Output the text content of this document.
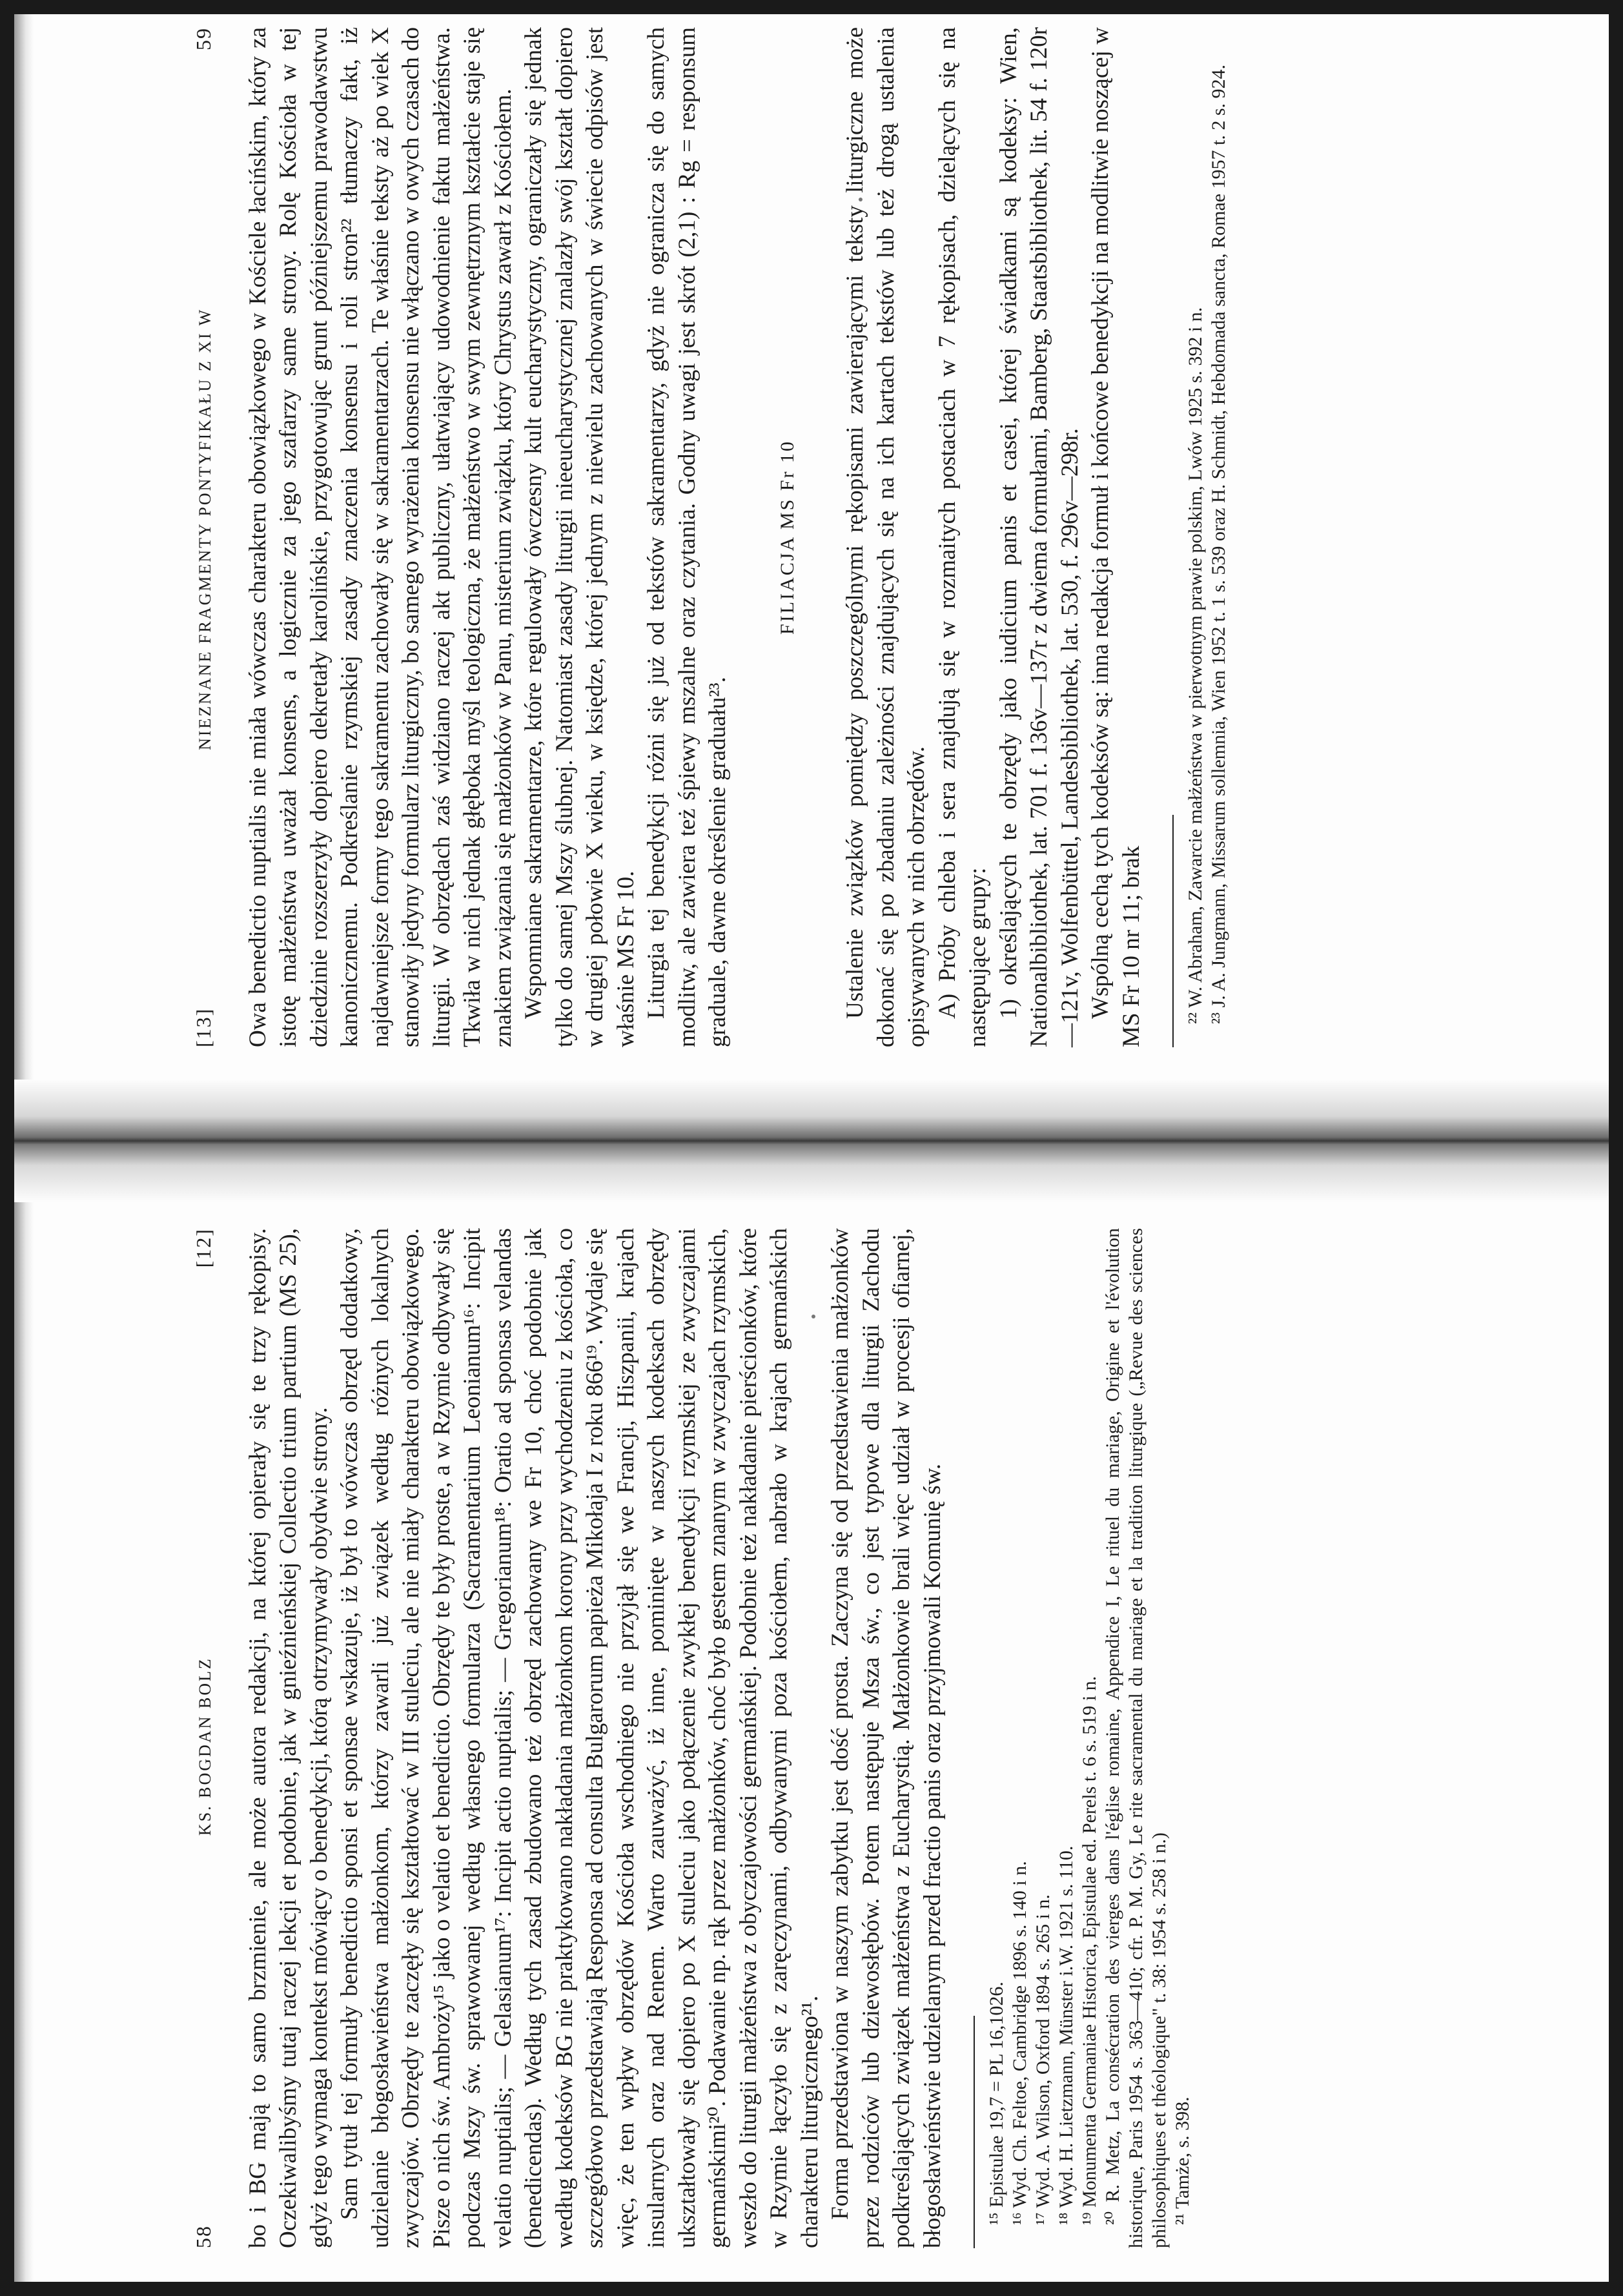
[13]
NIEZNANE FRAGMENTY PONTYFIKAŁU Z XI W
59 Owa benedictio nuptialis nie miała wówczas charakteru obowiązkowego w Kościele łacińskim, który za istotę małżeństwa uważał konsens, a logicznie za jego szafarzy same strony. Rolę Kościoła w tej dziedzinie rozszerzyły dopiero dekretały karolińskie, przygotowując grunt późniejszemu prawodawstwu kanonicznemu. Podkreślanie rzymskiej zasady znaczenia konsensu i roli stron²² tłumaczy fakt, iż najdawniejsze formy tego sakramentu zachowały się w sakramentarzach. Te właśnie teksty aż po wiek X stanowiły jedyny formularz liturgiczny, bo samego wyrażenia konsensu nie włączano w owych czasach do liturgii. W obrzędach zaś widziano raczej akt publiczny, ułatwiający udowodnienie faktu małżeństwa. Tkwiła w nich jednak głęboka myśl teologiczna, że małżeństwo w swym zewnętrznym kształcie staje się znakiem związania się małżonków w Panu, misterium związku, który Chrystus zawarł z Kościołem. Wspomniane sakramentarze, które regulowały ówczesny kult eucharystyczny, ograniczały się jednak tylko do samej Mszy ślubnej. Natomiast zasady liturgii nieeucharystycznej znalazły swój kształt dopiero w drugiej połowie X wieku, w księdze, której jednym z niewielu zachowanych w świecie odpisów jest właśnie MS Fr 10. Liturgia tej benedykcji różni się już od tekstów sakramentarzy, gdyż nie ogranicza się do samych modlitw, ale zawiera też śpiewy mszalne oraz czytania. Godny uwagi jest skrót (2,1) : Rg = responsum graduale, dawne określenie graduału²³.

FILIACJA MS Fr 10 Ustalenie związków pomiędzy poszczególnymi rękopisami zawierającymi teksty liturgiczne może dokonać się po zbadaniu zależności znajdujących się na ich kartach tekstów lub też drogą ustalenia opisywanych w nich obrzędów. A) Próby chleba i sera znajdują się w rozmaitych postaciach w 7 rękopisach, dzielących się na następujące grupy: 1) określających te obrzędy jako iudicium panis et casei, której świadkami są kodeksy: Wien, Nationalbibliothek, lat. 701 f. 136v—137r z dwiema formułami, Bamberg, Staatsbibliothek, lit. 54 f. 120r—121v, Wolfenbüttel, Landesbibliothek, lat. 530, f. 296v—298r. Wspólną cechą tych kodeksów są: inna redakcja formuł i końcowe benedykcji na modlitwie noszącej w MS Fr 10 nr 11; brak ²² W. Abraham, Zawarcie małżeństwa w pierwotnym prawie polskim, Lwów 1925 s. 392 i n. ²³ J. A. Jungmann, Missarum sollemnia, Wien 1952 t. 1 s. 539 oraz H. Schmidt, Hebdomada sancta, Romae 1957 t. 2 s. 924.

58
KS. BOGDAN BOLZ
[12] bo i BG mają to samo brzmienie, ale może autora redakcji, na której opierały się te trzy rękopisy. Oczekiwalibyśmy tutaj raczej lekcji et podobnie, jak w gnieźnieńskiej Collectio trium partium (MS 25), gdyż tego wymaga kontekst mówiący o benedykcji, którą otrzymywały obydwie strony. Sam tytuł tej formuły benedictio sponsi et sponsae wskazuje, iż był to wówczas obrzęd dodatkowy, udzielanie błogosławieństwa małżonkom, którzy zawarli już związek według różnych lokalnych zwyczajów. Obrzędy te zaczęły się kształtować w III stuleciu, ale nie miały charakteru obowiązkowego. Pisze o nich św. Ambroży¹⁵ jako o velatio et benedictio. Obrzędy te były proste, a w Rzymie odbywały się podczas Mszy św. sprawowanej według własnego formularza (Sacramentarium Leonianum¹⁶: Incipit velatio nuptialis; — Gelasianum¹⁷: Incipit actio nuptialis; — Gregorianum¹⁸: Oratio ad sponsas velandas (benedicendas). Według tych zasad zbudowano też obrzęd zachowany we Fr 10, choć podobnie jak według kodeksów BG nie praktykowano nakładania małżonkom korony przy wychodzeniu z kościoła, co szczegółowo przedstawiają Responsa ad consulta Bulgarorum papieża Mikołaja I z roku 866¹⁹. Wydaje się więc, że ten wpływ obrzędów Kościoła wschodniego nie przyjął się we Francji, Hiszpanii, krajach insularnych oraz nad Renem. Warto zauważyć, iż inne, pominięte w naszych kodeksach obrzędy ukształtowały się dopiero po X stuleciu jako połączenie zwykłej benedykcji rzymskiej ze zwyczajami germańskimi²⁰. Podawanie np. rąk przez małżonków, choć było gestem znanym w zwyczajach rzymskich, weszło do liturgii małżeństwa z obyczajowości germańskiej. Podobnie też nakładanie pierścionków, które w Rzymie łączyło się z zaręczynami, odbywanymi poza kościołem, nabrało w krajach germańskich charakteru liturgicznego²¹. Forma przedstawiona w naszym zabytku jest dość prosta. Zaczyna się od przedstawienia małżonków przez rodziców lub dziewosłębów. Potem następuje Msza św., co jest typowe dla liturgii Zachodu podkreślających związek małżeństwa z Eucharystią. Małżonkowie brali więc udział w procesji ofiarnej, błogosławieństwie udzielanym przed fractio panis oraz przyjmowali Komunię św. ¹⁵ Epistulae 19,7 = PL 16,1026. ¹⁶ Wyd. Ch. Feltoe, Cambridge 1896 s. 140 i n. ¹⁷ Wyd. A. Wilson, Oxford 1894 s. 265 i n. ¹⁸ Wyd. H. Lietzmann, Münster i.W. 1921 s. 110. ¹⁹ Monumenta Germaniae Historica, Epistulae ed. Perels t. 6 s. 519 i n. ²⁰ R. Metz, La consécration des vierges dans l'église romaine, Appendice I, Le rituel du mariage, Origine et l'évolution historique, Paris 1954 s. 363—410; cfr. P. M. Gy, Le rite sacramental du mariage et la tradition liturgique („Revue des sciences philosophiques et théologique" t. 38: 1954 s. 258 i n.) ²¹ Tamże, s. 398.
